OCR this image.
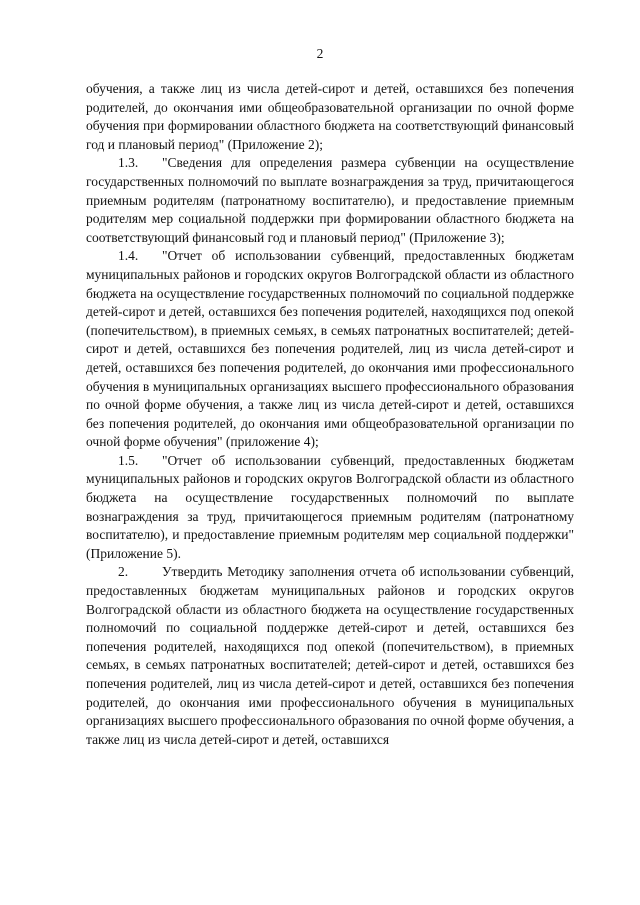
2

обучения, а также лиц из числа детей-сирот и детей, оставшихся без попечения родителей, до окончания ими общеобразовательной организации по очной форме обучения при формировании областного бюджета на соответствующий финансовый год и плановый период" (Приложение 2);

1.3. "Сведения для определения размера субвенции на осуществление государственных полномочий по выплате вознаграждения за труд, причитающегося приемным родителям (патронатному воспитателю), и предоставление приемным родителям мер социальной поддержки при формировании областного бюджета на соответствующий финансовый год и плановый период" (Приложение 3);

1.4. "Отчет об использовании субвенций, предоставленных бюджетам муниципальных районов и городских округов Волгоградской области из областного бюджета на осуществление государственных полномочий по социальной поддержке детей-сирот и детей, оставшихся без попечения родителей, находящихся под опекой (попечительством), в приемных семьях, в семьях патронатных воспитателей; детей-сирот и детей, оставшихся без попечения родителей, лиц из числа детей-сирот и детей, оставшихся без попечения родителей, до окончания ими профессионального обучения в муниципальных организациях высшего профессионального образования по очной форме обучения, а также лиц из числа детей-сирот и детей, оставшихся без попечения родителей, до окончания ими общеобразовательной организации по очной форме обучения" (приложение 4);

1.5. "Отчет об использовании субвенций, предоставленных бюджетам муниципальных районов и городских округов Волгоградской области из областного бюджета на осуществление государственных полномочий по выплате вознаграждения за труд, причитающегося приемным родителям (патронатному воспитателю), и предоставление приемным родителям мер социальной поддержки" (Приложение 5).

2.	Утвердить Методику заполнения отчета об использовании субвенций, предоставленных бюджетам муниципальных районов и городских округов Волгоградской области из областного бюджета на осуществление государственных полномочий по социальной поддержке детей-сирот и детей, оставшихся без попечения родителей, находящихся под опекой (попечительством), в приемных семьях, в семьях патронатных воспитателей; детей-сирот и детей, оставшихся без попечения родителей, лиц из числа детей-сирот и детей, оставшихся без попечения родителей, до окончания ими профессионального обучения в муниципальных организациях высшего профессионального образования по очной форме обучения, а также лиц из числа детей-сирот и детей, оставшихся
